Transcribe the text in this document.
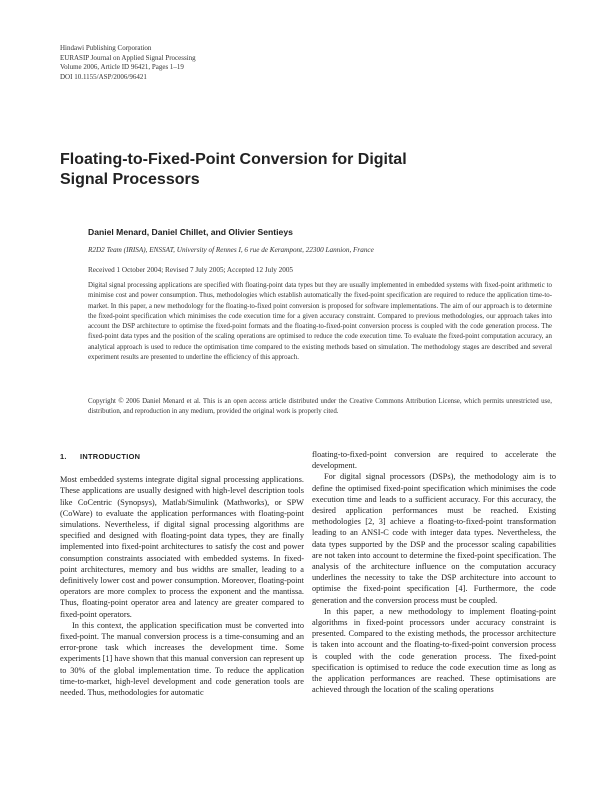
Hindawi Publishing Corporation
EURASIP Journal on Applied Signal Processing
Volume 2006, Article ID 96421, Pages 1–19
DOI 10.1155/ASP/2006/96421
Floating-to-Fixed-Point Conversion for Digital
Signal Processors
Daniel Menard, Daniel Chillet, and Olivier Sentieys
R2D2 Team (IRISA), ENSSAT, University of Rennes I, 6 rue de Kerampont, 22300 Lannion, France
Received 1 October 2004; Revised 7 July 2005; Accepted 12 July 2005

Digital signal processing applications are specified with floating-point data types but they are usually implemented in embedded systems with fixed-point arithmetic to minimise cost and power consumption. Thus, methodologies which establish automatically the fixed-point specification are required to reduce the application time-to-market. In this paper, a new methodology for the floating-to-fixed point conversion is proposed for software implementations. The aim of our approach is to determine the fixed-point specification which minimises the code execution time for a given accuracy constraint. Compared to previous methodologies, our approach takes into account the DSP architecture to optimise the fixed-point formats and the floating-to-fixed-point conversion process is coupled with the code generation process. The fixed-point data types and the position of the scaling operations are optimised to reduce the code execution time. To evaluate the fixed-point computation accuracy, an analytical approach is used to reduce the optimisation time compared to the existing methods based on simulation. The methodology stages are described and several experiment results are presented to underline the efficiency of this approach.

Copyright © 2006 Daniel Menard et al. This is an open access article distributed under the Creative Commons Attribution License, which permits unrestricted use, distribution, and reproduction in any medium, provided the original work is properly cited.

1. INTRODUCTION

Most embedded systems integrate digital signal processing applications. These applications are usually designed with high-level description tools like CoCentric (Synopsys), Matlab/Simulink (Mathworks), or SPW (CoWare) to evaluate the application performances with floating-point simulations. Nevertheless, if digital signal processing algorithms are specified and designed with floating-point data types, they are finally implemented into fixed-point architectures to satisfy the cost and power consumption constraints associated with embedded systems. In fixed-point architectures, memory and bus widths are smaller, leading to a definitively lower cost and power consumption. Moreover, floating-point operators are more complex to process the exponent and the mantissa. Thus, floating-point operator area and latency are greater compared to fixed-point operators.

In this context, the application specification must be converted into fixed-point. The manual conversion process is a time-consuming and an error-prone task which increases the development time. Some experiments [1] have shown that this manual conversion can represent up to 30% of the global implementation time. To reduce the application time-to-market, high-level development and code generation tools are needed. Thus, methodologies for automatic

floating-to-fixed-point conversion are required to accelerate the development.

For digital signal processors (DSPs), the methodology aim is to define the optimised fixed-point specification which minimises the code execution time and leads to a sufficient accuracy. For this accuracy, the desired application performances must be reached. Existing methodologies [2, 3] achieve a floating-to-fixed-point transformation leading to an ANSI-C code with integer data types. Nevertheless, the data types supported by the DSP and the processor scaling capabilities are not taken into account to determine the fixed-point specification. The analysis of the architecture influence on the computation accuracy underlines the necessity to take the DSP architecture into account to optimise the fixed-point specification [4]. Furthermore, the code generation and the conversion process must be coupled.

In this paper, a new methodology to implement floating-point algorithms in fixed-point processors under accuracy constraint is presented. Compared to the existing methods, the processor architecture is taken into account and the floating-to-fixed-point conversion process is coupled with the code generation process. The fixed-point specification is optimised to reduce the code execution time as long as the application performances are reached. These optimisations are achieved through the location of the scaling operations
